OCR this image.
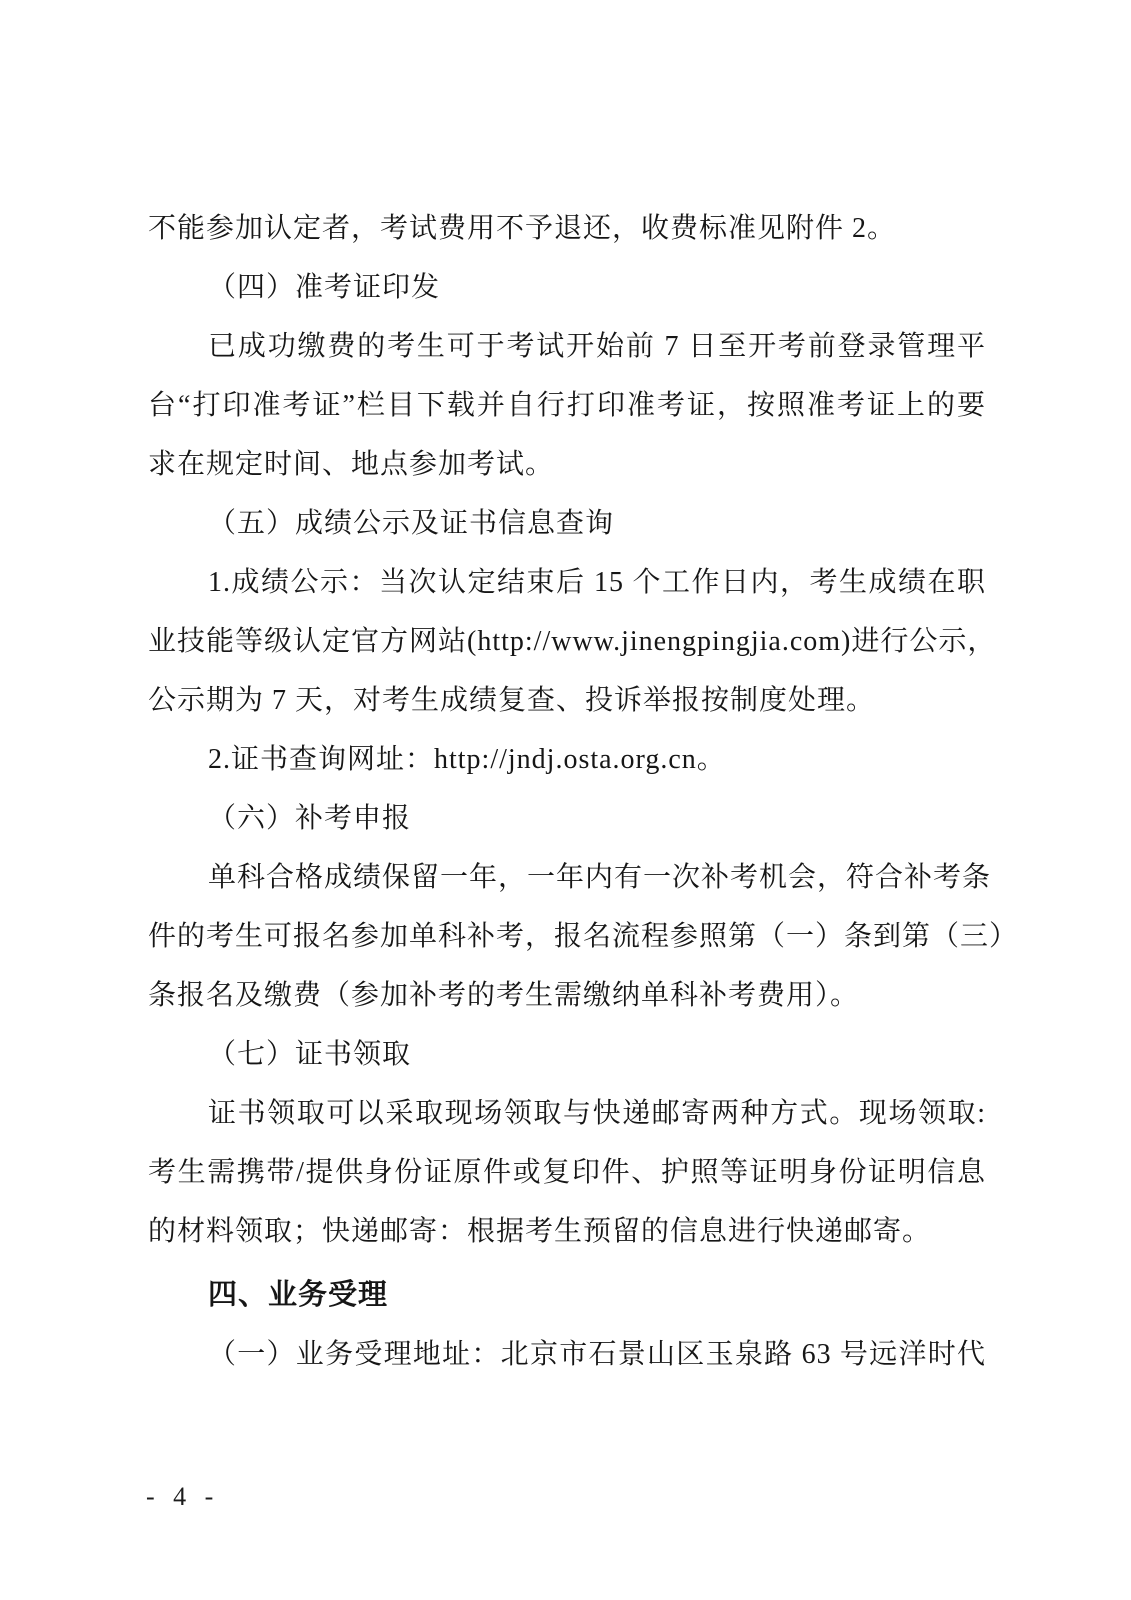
不能参加认定者，考试费用不予退还，收费标准见附件 2。
（四）准考证印发
已成功缴费的考生可于考试开始前 7 日至开考前登录管理平
台“打印准考证”栏目下载并自行打印准考证，按照准考证上的要
求在规定时间、地点参加考试。
（五）成绩公示及证书信息查询
1.成绩公示：当次认定结束后 15 个工作日内，考生成绩在职
业技能等级认定官方网站(http://www.jinengpingjia.com)进行公示，
公示期为 7 天，对考生成绩复查、投诉举报按制度处理。
2.证书查询网址：http://jndj.osta.org.cn。
（六）补考申报
单科合格成绩保留一年，一年内有一次补考机会，符合补考条
件的考生可报名参加单科补考，报名流程参照第（一）条到第（三）
条报名及缴费（参加补考的考生需缴纳单科补考费用）。
（七）证书领取
证书领取可以采取现场领取与快递邮寄两种方式。现场领取:
考生需携带/提供身份证原件或复印件、护照等证明身份证明信息
的材料领取；快递邮寄：根据考生预留的信息进行快递邮寄。
四、业务受理
（一）业务受理地址：北京市石景山区玉泉路 63 号远洋时代
- 4 -
